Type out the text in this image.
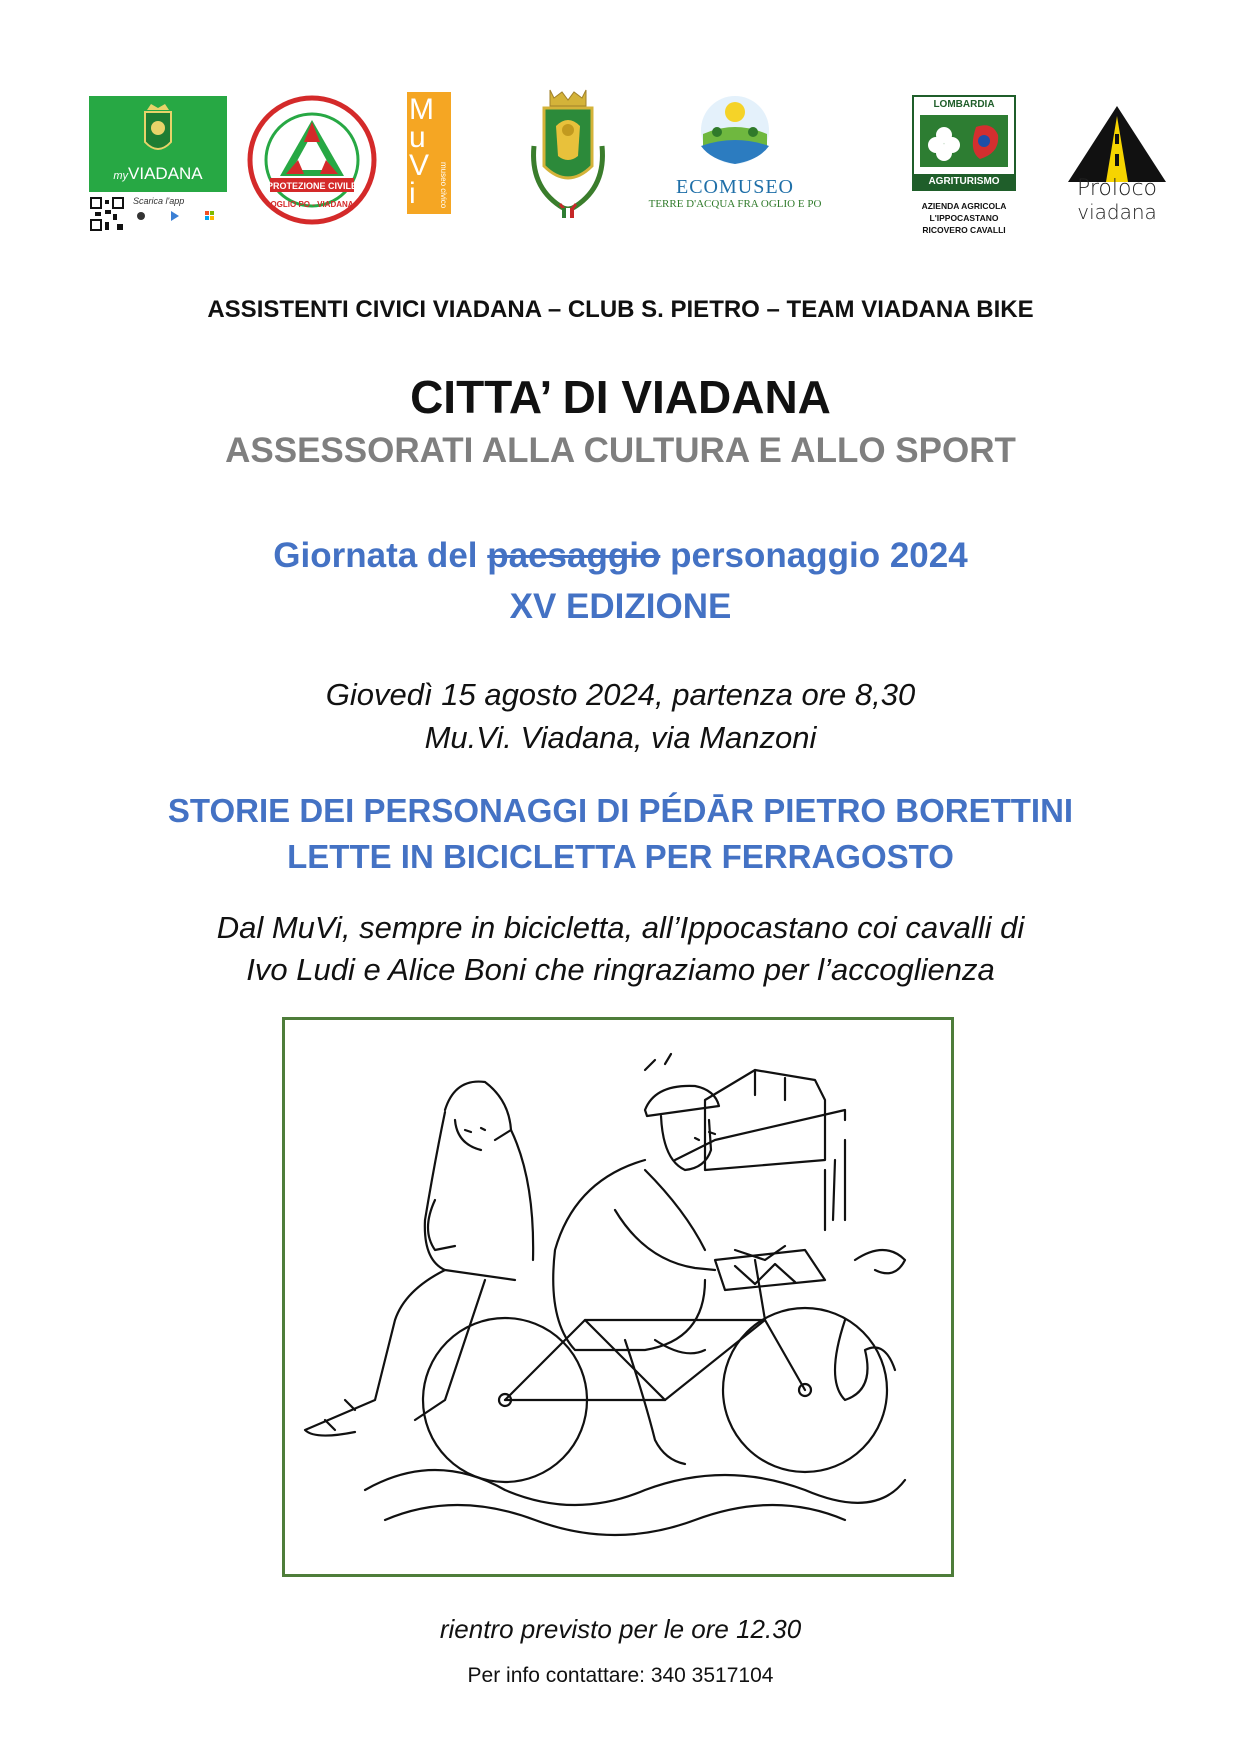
myVIADANA
Scarica l'app
PROTEZIONE CIVILE
OGLIO PO - VIADANA
MuVi	museo civico	ECOMUSEO
TERRE D'ACQUA FRA OGLIO E PO
LOMBARDIA
AGRITURISMO
AZIENDA AGRICOLA
L'IPPOCASTANO
RICOVERO CAVALLI
Proloco
viadana
ASSISTENTI CIVICI VIADANA – CLUB S. PIETRO – TEAM VIADANA BIKE
CITTA’ DI VIADANA
ASSESSORATI ALLA CULTURA E ALLO SPORT
Giornata del paesaggio personaggio 2024
XV EDIZIONE
Giovedì 15 agosto 2024, partenza ore 8,30
Mu.Vi. Viadana, via Manzoni
STORIE DEI PERSONAGGI DI PÉDĀR PIETRO BORETTINI
LETTE IN BICICLETTA PER FERRAGOSTO
Dal MuVi, sempre in bicicletta, all’Ippocastano coi cavalli di
Ivo Ludi e Alice Boni che ringraziamo per l’accoglienza
rientro previsto per le ore 12.30
Per info contattare: 340 3517104
